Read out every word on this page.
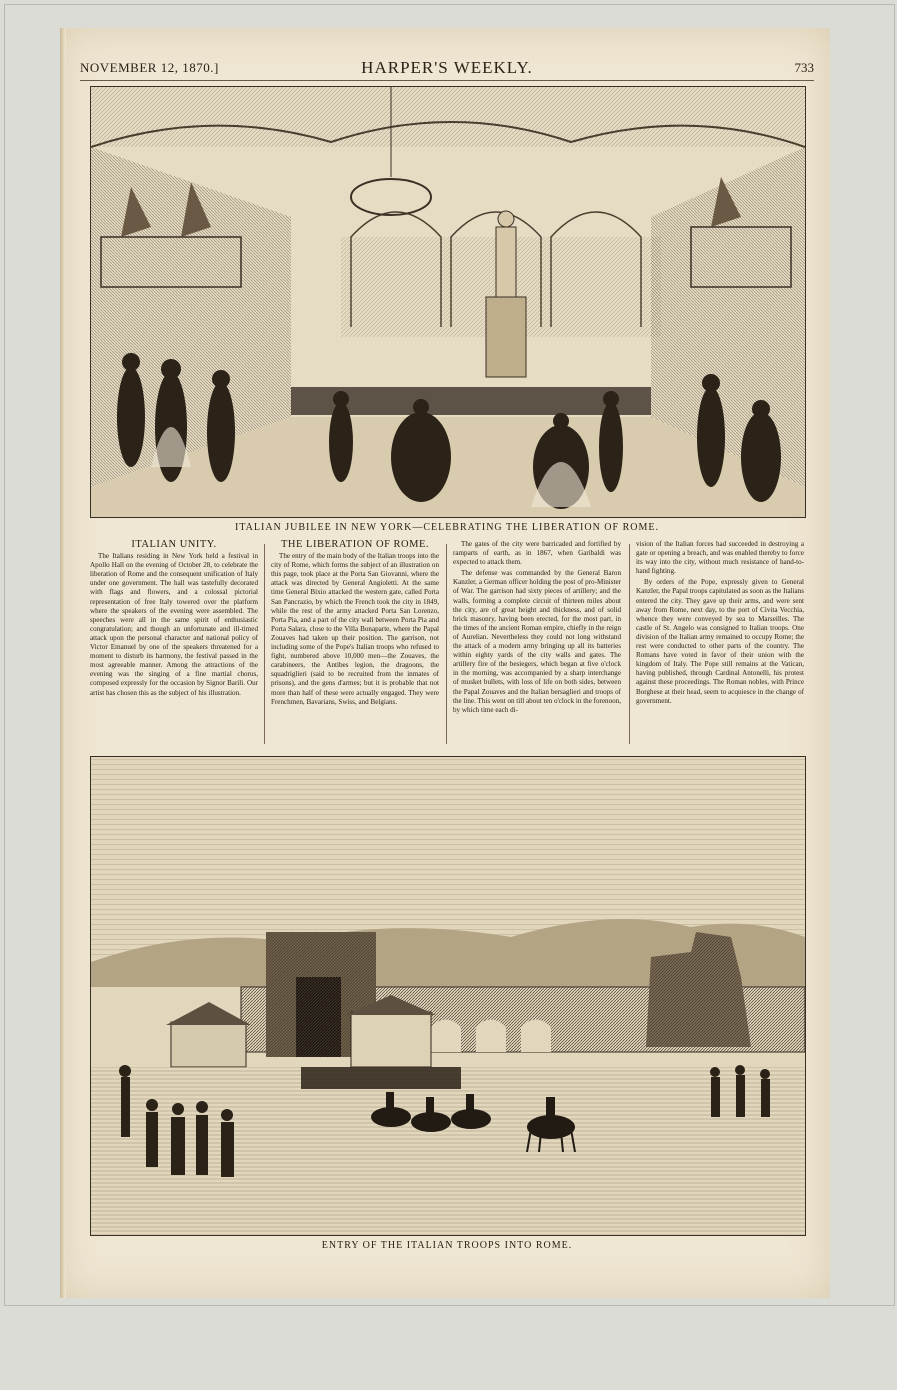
NOVEMBER 12, 1870.]	HARPER'S WEEKLY.	733
ITALIAN JUBILEE IN NEW YORK—CELEBRATING THE LIBERATION OF ROME.
ITALIAN UNITY.

The Italians residing in New York held a festival in Apollo Hall on the evening of October 28, to celebrate the liberation of Rome and the consequent unification of Italy under one government. The hall was tastefully decorated with flags and flowers, and a colossal pictorial representation of free Italy towered over the platform where the speakers of the evening were assembled. The speeches were all in the same spirit of enthusiastic congratulation; and though an unfortunate and ill-timed attack upon the personal character and national policy of Victor Emanuel by one of the speakers threatened for a moment to disturb its harmony, the festival passed in the most agreeable manner. Among the attractions of the evening was the singing of a fine martial chorus, composed expressly for the occasion by Signor Barili. Our artist has chosen this as the subject of his illustration.

THE LIBERATION OF ROME.

The entry of the main body of the Italian troops into the city of Rome, which forms the subject of an illustration on this page, took place at the Porta San Giovanni, where the attack was directed by General Angioletti. At the same time General Bixio attacked the western gate, called Porta San Pancrazio, by which the French took the city in 1849, while the rest of the army attacked Porta San Lorenzo, Porta Pia, and a part of the city wall between Porta Pia and Porta Salara, close to the Villa Bonaparte, where the Papal Zouaves had taken up their position. The garrison, not including some of the Pope's Italian troops who refused to fight, numbered above 10,000 men—the Zouaves, the carabineers, the Antibes legion, the dragoons, the squadriglieri (said to be recruited from the inmates of prisons), and the gens d'armes; but it is probable that not more than half of these were actually engaged. They were Frenchmen, Bavarians, Swiss, and Belgians.

The gates of the city were barricaded and fortified by ramparts of earth, as in 1867, when Garibaldi was expected to attack them.

The defense was commanded by the General Baron Kanzler, a German officer holding the post of pro-Minister of War. The garrison had sixty pieces of artillery; and the walls, forming a complete circuit of thirteen miles about the city, are of great height and thickness, and of solid brick masonry, having been erected, for the most part, in the times of the ancient Roman empire, chiefly in the reign of Aurelian. Nevertheless they could not long withstand the attack of a modern army bringing up all its batteries within eighty yards of the city walls and gates. The artillery fire of the besiegers, which began at five o'clock in the morning, was accompanied by a sharp interchange of musket bullets, with loss of life on both sides, between the Papal Zouaves and the Italian bersaglieri and troops of the line. This went on till about ten o'clock in the forenoon, by which time each di-

vision of the Italian forces had succeeded in destroying a gate or opening a breach, and was enabled thereby to force its way into the city, without much resistance of hand-to-hand fighting.

By orders of the Pope, expressly given to General Kanzler, the Papal troops capitulated as soon as the Italians entered the city. They gave up their arms, and were sent away from Rome, next day, to the port of Civita Vecchia, whence they were conveyed by sea to Marseilles. The castle of St. Angelo was consigned to Italian troops. One division of the Italian army remained to occupy Rome; the rest were conducted to other parts of the country. The Romans have voted in favor of their union with the kingdom of Italy. The Pope still remains at the Vatican, having published, through Cardinal Antonelli, his protest against these proceedings. The Roman nobles, with Prince Borghese at their head, seem to acquiesce in the change of government.

ENTRY OF THE ITALIAN TROOPS INTO ROME.
